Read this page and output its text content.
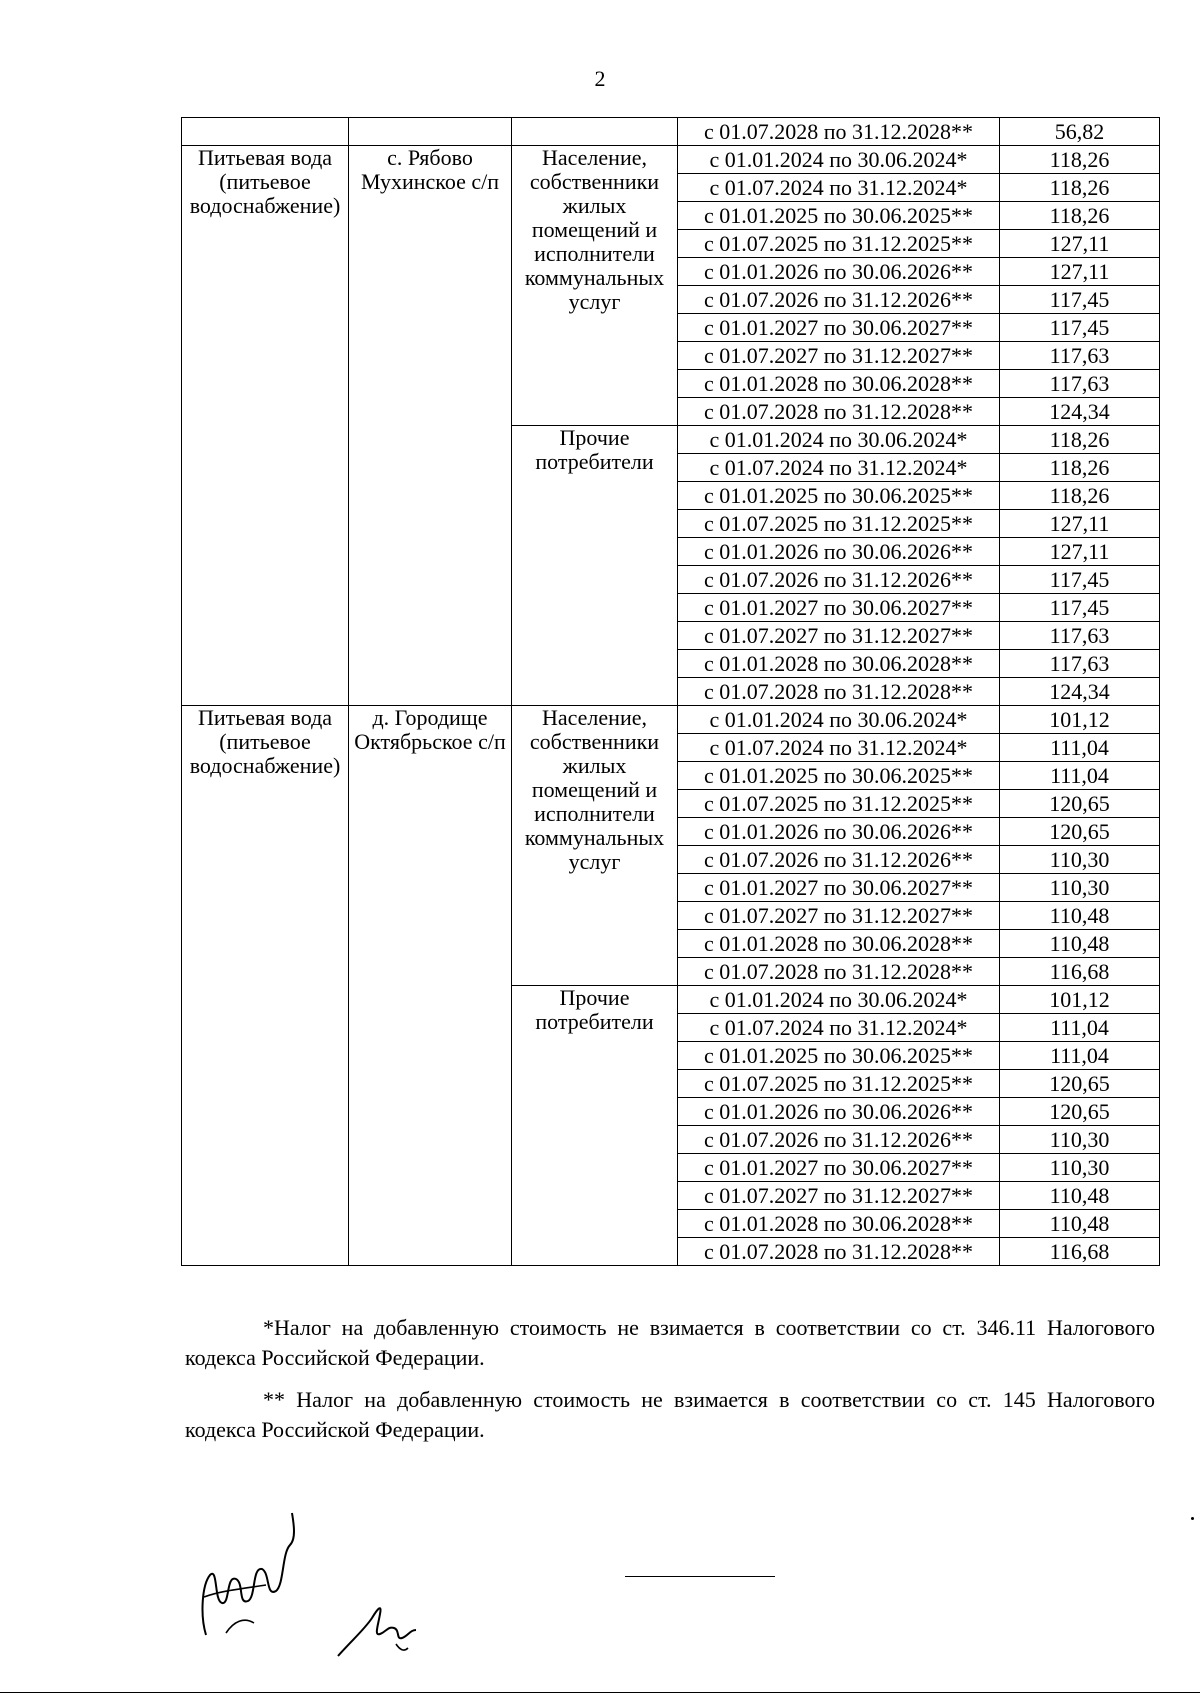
2
			с 01.07.2028 по 31.12.2028**	56,82
Питьевая вода (питьевое водоснабжение)	с. Рябово Мухинское с/п	Население, собственники жилых помещений и исполнители коммунальных услуг	с 01.01.2024 по 30.06.2024*	118,26
			с 01.07.2024 по 31.12.2024*	118,26
			с 01.01.2025 по 30.06.2025**	118,26
			с 01.07.2025 по 31.12.2025**	127,11
			с 01.01.2026 по 30.06.2026**	127,11
			с 01.07.2026 по 31.12.2026**	117,45
			с 01.01.2027 по 30.06.2027**	117,45
			с 01.07.2027 по 31.12.2027**	117,63
			с 01.01.2028 по 30.06.2028**	117,63
			с 01.07.2028 по 31.12.2028**	124,34
		Прочие потребители	с 01.01.2024 по 30.06.2024*	118,26
			с 01.07.2024 по 31.12.2024*	118,26
			с 01.01.2025 по 30.06.2025**	118,26
			с 01.07.2025 по 31.12.2025**	127,11
			с 01.01.2026 по 30.06.2026**	127,11
			с 01.07.2026 по 31.12.2026**	117,45
			с 01.01.2027 по 30.06.2027**	117,45
			с 01.07.2027 по 31.12.2027**	117,63
			с 01.01.2028 по 30.06.2028**	117,63
			с 01.07.2028 по 31.12.2028**	124,34
Питьевая вода (питьевое водоснабжение)	д. Городище Октябрьское с/п	Население, собственники жилых помещений и исполнители коммунальных услуг	с 01.01.2024 по 30.06.2024*	101,12
			с 01.07.2024 по 31.12.2024*	111,04
			с 01.01.2025 по 30.06.2025**	111,04
			с 01.07.2025 по 31.12.2025**	120,65
			с 01.01.2026 по 30.06.2026**	120,65
			с 01.07.2026 по 31.12.2026**	110,30
			с 01.01.2027 по 30.06.2027**	110,30
			с 01.07.2027 по 31.12.2027**	110,48
			с 01.01.2028 по 30.06.2028**	110,48
			с 01.07.2028 по 31.12.2028**	116,68
		Прочие потребители	с 01.01.2024 по 30.06.2024*	101,12
			с 01.07.2024 по 31.12.2024*	111,04
			с 01.01.2025 по 30.06.2025**	111,04
			с 01.07.2025 по 31.12.2025**	120,65
			с 01.01.2026 по 30.06.2026**	120,65
			с 01.07.2026 по 31.12.2026**	110,30
			с 01.01.2027 по 30.06.2027**	110,30
			с 01.07.2027 по 31.12.2027**	110,48
			с 01.01.2028 по 30.06.2028**	110,48
			с 01.07.2028 по 31.12.2028**	116,68

*Налог на добавленную стоимость не взимается в соответствии со ст. 346.11 Налогового кодекса Российской Федерации.

** Налог на добавленную стоимость не взимается в соответствии со ст. 145 Налогового кодекса Российской Федерации.
